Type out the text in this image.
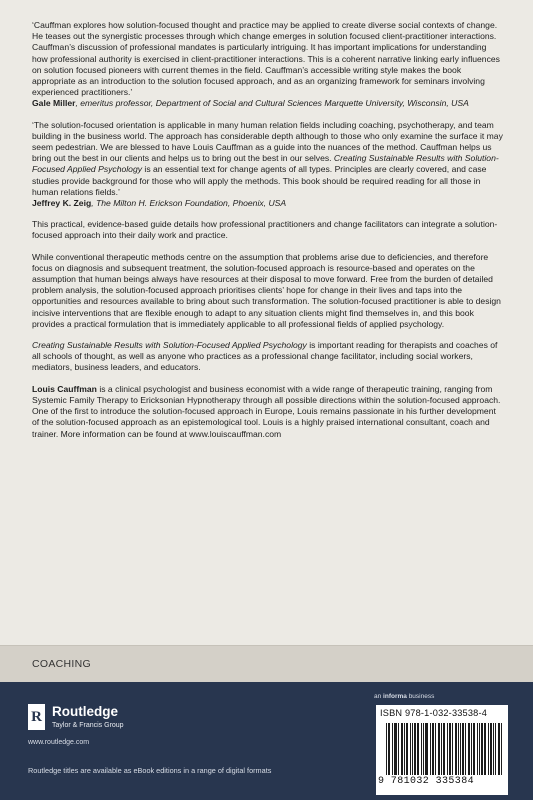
‘Cauffman explores how solution-focused thought and practice may be applied to create diverse social contexts of change. He teases out the synergistic processes through which change emerges in solution focused client-practitioner interactions. Cauffman’s discussion of professional mandates is particularly intriguing. It has important implications for understanding how professional authority is exercised in client-practitioner interactions. This is a coherent narrative linking early influences on solution focused pioneers with current themes in the field. Cauffman’s accessible writing style makes the book appropriate as an introduction to the solution focused approach, and as an organizing framework for seminars involving experienced practitioners.’
Gale Miller, emeritus professor, Department of Social and Cultural Sciences Marquette University, Wisconsin, USA
‘The solution-focused orientation is applicable in many human relation fields including coaching, psychotherapy, and team building in the business world. The approach has considerable depth although to those who only examine the surface it may seem pedestrian. We are blessed to have Louis Cauffman as a guide into the nuances of the method. Cauffman helps us bring out the best in our clients and helps us to bring out the best in our selves. Creating Sustainable Results with Solution-Focused Applied Psychology is an essential text for change agents of all types. Principles are clearly covered, and case studies provide background for those who will apply the methods. This book should be required reading for all those in human relations fields.’
Jeffrey K. Zeig, The Milton H. Erickson Foundation, Phoenix, USA

This practical, evidence-based guide details how professional practitioners and change facilitators can integrate a solution-focused approach into their daily work and practice.

While conventional therapeutic methods centre on the assumption that problems arise due to deficiencies, and therefore focus on diagnosis and subsequent treatment, the solution-focused approach is resource-based and operates on the assumption that human beings always have resources at their disposal to move forward. Free from the burden of detailed problem analysis, the solution-focused approach prioritises clients’ hope for change in their lives and taps into the opportunities and resources available to bring about such transformation. The solution-focused practitioner is able to design incisive interventions that are flexible enough to adapt to any situation clients might find themselves in, and this book provides a practical formulation that is immediately applicable to all professional fields of applied psychology.

Creating Sustainable Results with Solution-Focused Applied Psychology is important reading for therapists and coaches of all schools of thought, as well as anyone who practices as a professional change facilitator, including social workers, mediators, business leaders, and educators.

Louis Cauffman is a clinical psychologist and business economist with a wide range of therapeutic training, ranging from Systemic Family Therapy to Ericksonian Hypnotherapy through all possible directions within the solution-focused approach. One of the first to introduce the solution-focused approach in Europe, Louis remains passionate in his further development of the solution-focused approach as an epistemological tool. Louis is a highly praised international consultant, coach and trainer. More information can be found at www.louiscauffman.com

COACHING
R Routledge
Taylor & Francis Group
www.routledge.com
Routledge titles are available as eBook editions in a range of digital formats
an informa business
ISBN 978-1-032-33538-4
9 781032 335384
